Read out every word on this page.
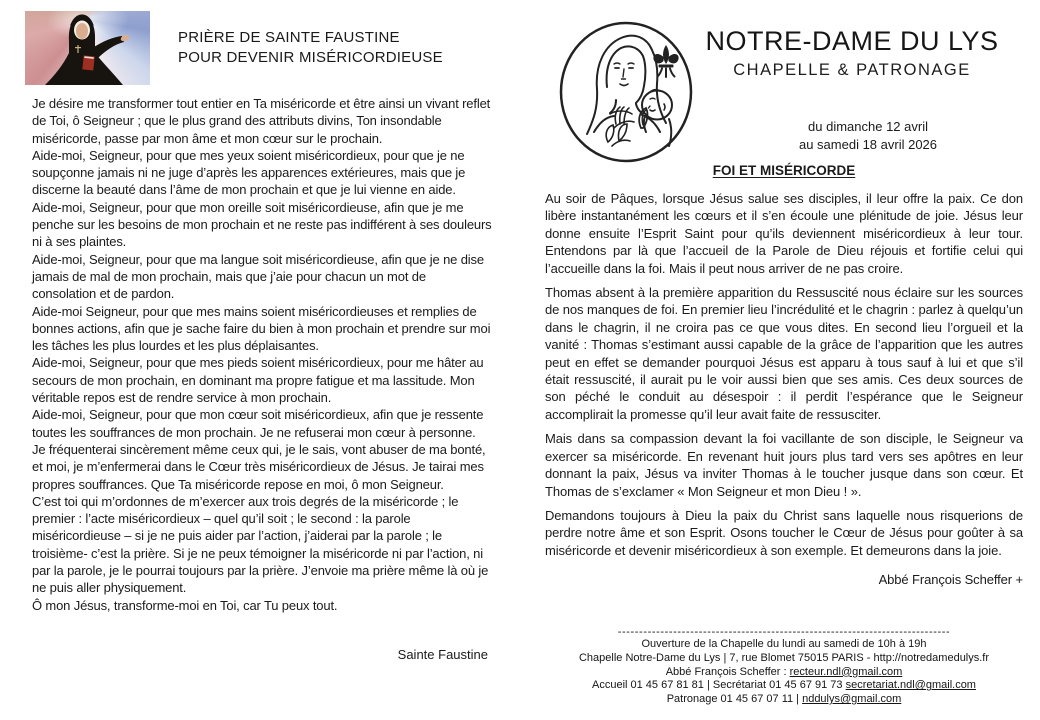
PRIÈRE DE SAINTE FAUSTINE
POUR DEVENIR MISÉRICORDIEUSE

Je désire me transformer tout entier en Ta miséricorde et être ainsi un vivant reflet de Toi, ô Seigneur ; que le plus grand des attributs divins, Ton insondable miséricorde, passe par mon âme et mon cœur sur le prochain.

Aide-moi, Seigneur, pour que mes yeux soient miséricordieux, pour que je ne soupçonne jamais ni ne juge d’après les apparences extérieures, mais que je discerne la beauté dans l’âme de mon prochain et que je lui vienne en aide.

Aide-moi, Seigneur, pour que mon oreille soit miséricordieuse, afin que je me penche sur les besoins de mon prochain et ne reste pas indifférent à ses douleurs ni à ses plaintes.

Aide-moi, Seigneur, pour que ma langue soit miséricordieuse, afin que je ne dise jamais de mal de mon prochain, mais que j’aie pour chacun un mot de consolation et de pardon.

Aide-moi Seigneur, pour que mes mains soient miséricordieuses et remplies de bonnes actions, afin que je sache faire du bien à mon prochain et prendre sur moi les tâches les plus lourdes et les plus déplaisantes.

Aide-moi, Seigneur, pour que mes pieds soient miséricordieux, pour me hâter au secours de mon prochain, en dominant ma propre fatigue et ma lassitude. Mon véritable repos est de rendre service à mon prochain.

Aide-moi, Seigneur, pour que mon cœur soit miséricordieux, afin que je ressente toutes les souffrances de mon prochain. Je ne refuserai mon cœur à personne. Je fréquenterai sincèrement même ceux qui, je le sais, vont abuser de ma bonté, et moi, je m’enfermerai dans le Cœur très miséricordieux de Jésus. Je tairai mes propres souffrances. Que Ta miséricorde repose en moi, ô mon Seigneur.

C’est toi qui m’ordonnes de m’exercer aux trois degrés de la miséricorde ; le premier : l’acte miséricordieux – quel qu’il soit ; le second : la parole miséricordieuse – si je ne puis aider par l’action, j’aiderai par la parole ; le troisième- c’est la prière. Si je ne peux témoigner la miséricorde ni par l’action, ni par la parole, je le pourrai toujours par la prière. J’envoie ma prière même là où je ne puis aller physiquement.

Ô mon Jésus, transforme-moi en Toi, car Tu peux tout.

Sainte Faustine
NOTRE-DAME DU LYS
CHAPELLE & PATRONAGE
du dimanche 12 avril
au samedi 18 avril 2026
FOI ET MISÉRICORDE

Au soir de Pâques, lorsque Jésus salue ses disciples, il leur offre la paix. Ce don libère instantanément les cœurs et il s’en écoule une plénitude de joie. Jésus leur donne ensuite l’Esprit Saint pour qu’ils deviennent miséricordieux à leur tour. Entendons par là que l’accueil de la Parole de Dieu réjouis et fortifie celui qui l’accueille dans la foi. Mais il peut nous arriver de ne pas croire.

Thomas absent à la première apparition du Ressuscité nous éclaire sur les sources de nos manques de foi. En premier lieu l’incrédulité et le chagrin : parlez à quelqu’un dans le chagrin, il ne croira pas ce que vous dites. En second lieu l’orgueil et la vanité : Thomas s’estimant aussi capable de la grâce de l’apparition que les autres peut en effet se demander pourquoi Jésus est apparu à tous sauf à lui et que s’il était ressuscité, il aurait pu le voir aussi bien que ses amis. Ces deux sources de son péché le conduit au désespoir : il perdit l’espérance que le Seigneur accomplirait la promesse qu’il leur avait faite de ressusciter.

Mais dans sa compassion devant la foi vacillante de son disciple, le Seigneur va exercer sa miséricorde. En revenant huit jours plus tard vers ses apôtres en leur donnant la paix, Jésus va inviter Thomas à le toucher jusque dans son cœur. Et Thomas de s’exclamer « Mon Seigneur et mon Dieu ! ».

Demandons toujours à Dieu la paix du Christ sans laquelle nous risquerions de perdre notre âme et son Esprit. Osons toucher le Cœur de Jésus pour goûter à sa miséricorde et devenir miséricordieux à son exemple. Et demeurons dans la joie.

Abbé François Scheffer +
------------------------------------------------------------------------------
Ouverture de la Chapelle du lundi au samedi de 10h à 19h
Chapelle Notre-Dame du Lys | 7, rue Blomet 75015 PARIS - http://notredamedulys.fr
Abbé François Scheffer : recteur.ndl@gmail.com
Accueil 01 45 67 81 81 | Secrétariat 01 45 67 91 73 secretariat.ndl@gmail.com
Patronage 01 45 67 07 11 | nddulys@gmail.com
